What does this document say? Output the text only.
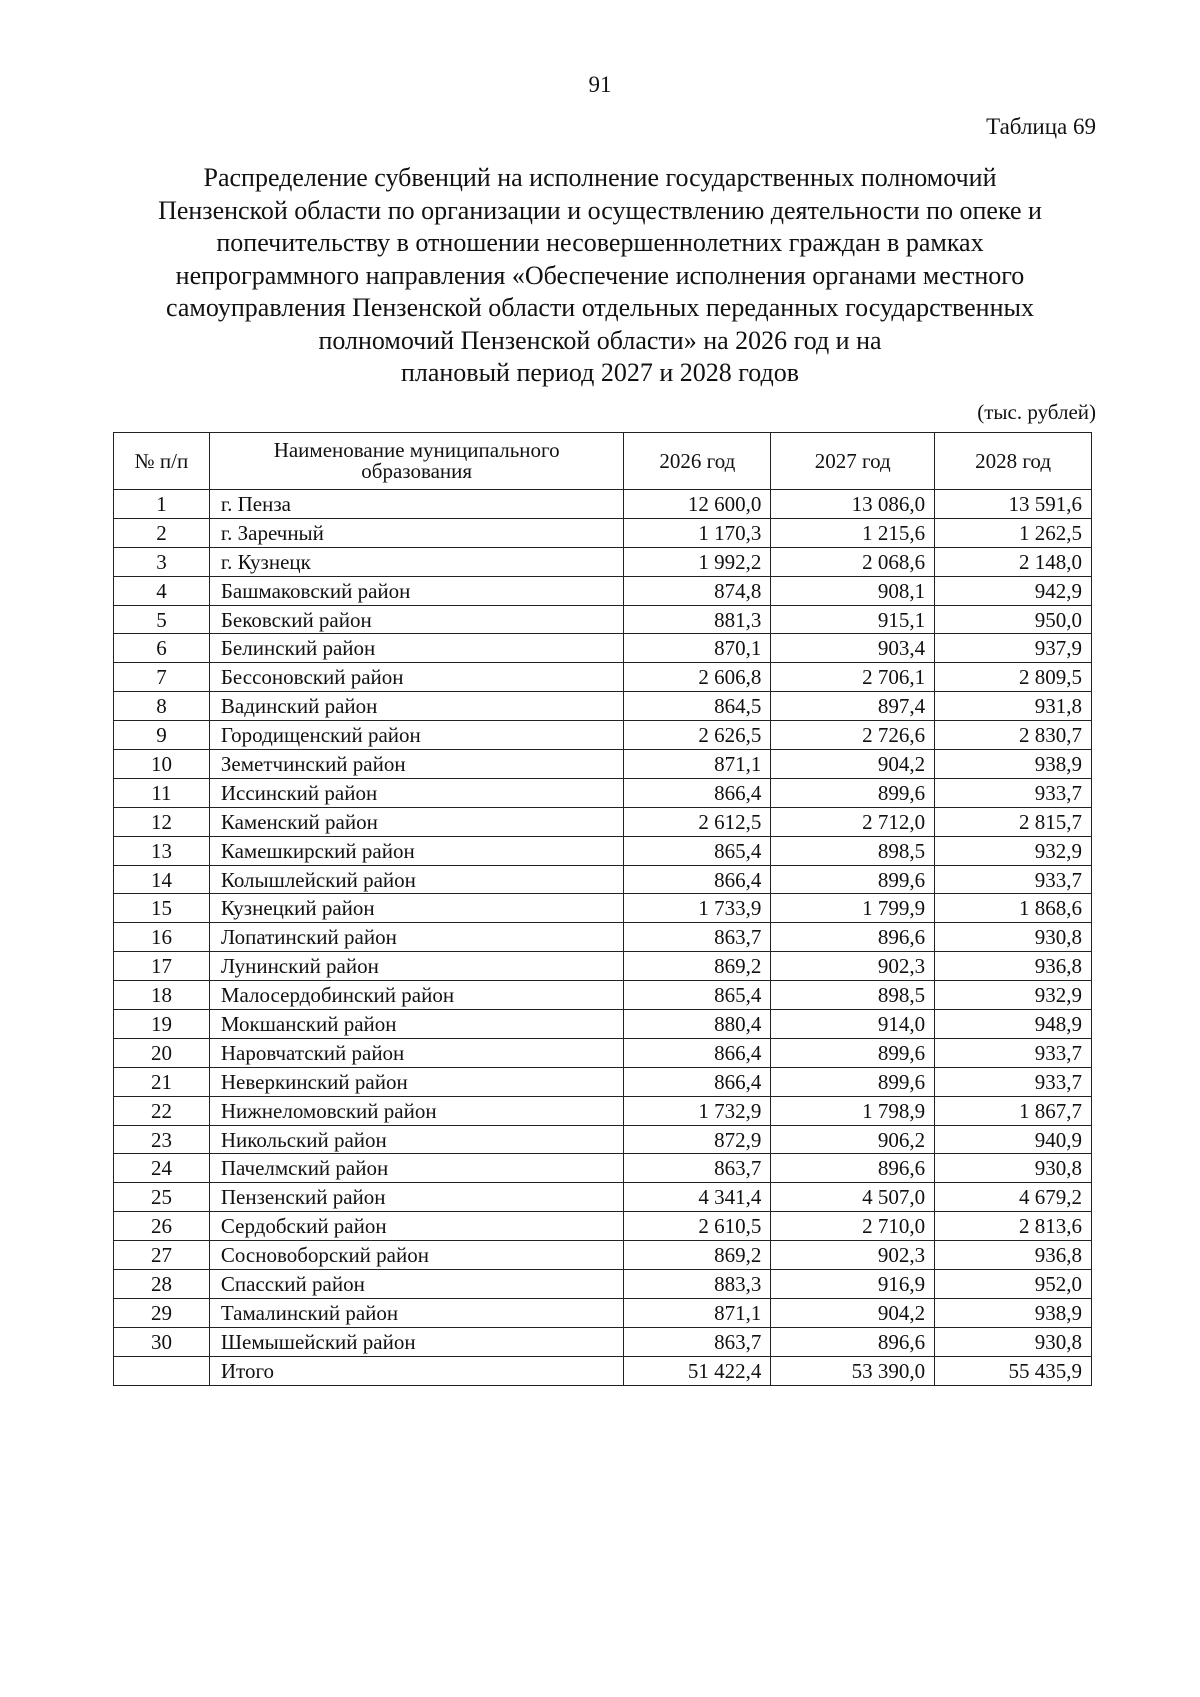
91
Таблица 69
Распределение субвенций на исполнение государственных полномочий
Пензенской области по организации и осуществлению деятельности по опеке и
попечительству в отношении несовершеннолетних граждан в рамках
непрограммного направления «Обеспечение исполнения органами местного
самоуправления Пензенской области отдельных переданных государственных
полномочий Пензенской области» на 2026 год и на
плановый период 2027 и 2028 годов
(тыс. рублей)
№ п/п	Наименование муниципального образования	2026 год	2027 год	2028 год
1	г. Пенза	12 600,0	13 086,0	13 591,6
2	г. Заречный	1 170,3	1 215,6	1 262,5
3	г. Кузнецк	1 992,2	2 068,6	2 148,0
4	Башмаковский район	874,8	908,1	942,9
5	Бековский район	881,3	915,1	950,0
6	Белинский район	870,1	903,4	937,9
7	Бессоновский район	2 606,8	2 706,1	2 809,5
8	Вадинский район	864,5	897,4	931,8
9	Городищенский район	2 626,5	2 726,6	2 830,7
10	Земетчинский район	871,1	904,2	938,9
11	Иссинский район	866,4	899,6	933,7
12	Каменский район	2 612,5	2 712,0	2 815,7
13	Камешкирский район	865,4	898,5	932,9
14	Колышлейский район	866,4	899,6	933,7
15	Кузнецкий район	1 733,9	1 799,9	1 868,6
16	Лопатинский район	863,7	896,6	930,8
17	Лунинский район	869,2	902,3	936,8
18	Малосердобинский район	865,4	898,5	932,9
19	Мокшанский район	880,4	914,0	948,9
20	Наровчатский район	866,4	899,6	933,7
21	Неверкинский район	866,4	899,6	933,7
22	Нижнеломовский район	1 732,9	1 798,9	1 867,7
23	Никольский район	872,9	906,2	940,9
24	Пачелмский район	863,7	896,6	930,8
25	Пензенский район	4 341,4	4 507,0	4 679,2
26	Сердобский район	2 610,5	2 710,0	2 813,6
27	Сосновоборский район	869,2	902,3	936,8
28	Спасский район	883,3	916,9	952,0
29	Тамалинский район	871,1	904,2	938,9
30	Шемышейский район	863,7	896,6	930,8
	Итого	51 422,4	53 390,0	55 435,9
